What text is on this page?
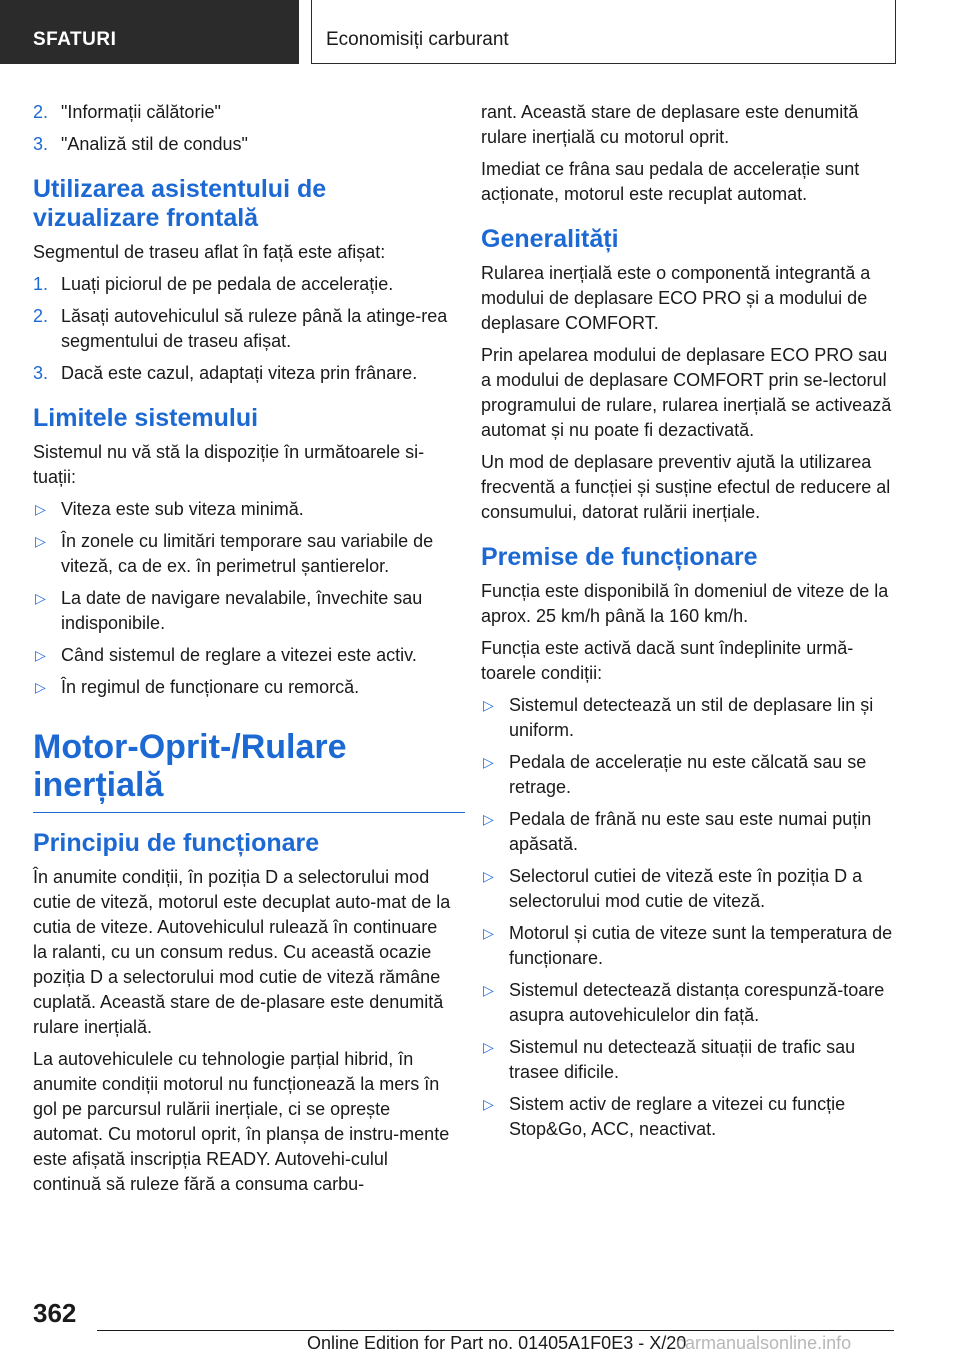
SFATURI	Economisiți carburant
2. "Informații călătorie"
3. "Analiză stil de condus"
Utilizarea asistentului de vizualizare frontală

Segmentul de traseu aflat în față este afișat:

1. Luați piciorul de pe pedala de accelerație.
2. Lăsați autovehiculul să ruleze până la atinge‐rea segmentului de traseu afișat.
3. Dacă este cazul, adaptați viteza prin frânare.
Limitele sistemului

Sistemul nu vă stă la dispoziție în următoarele si‐tuații:

▷ Viteza este sub viteza minimă.
▷ În zonele cu limitări temporare sau variabile de viteză, ca de ex. în perimetrul șantierelor.
▷ La date de navigare nevalabile, învechite sau indisponibile.
▷ Când sistemul de reglare a vitezei este activ.
▷ În regimul de funcționare cu remorcă.
Motor-Oprit-/Rulare inerțială
Principiu de funcționare

În anumite condiții, în poziția D a selectorului mod cutie de viteză, motorul este decuplat auto‐mat de la cutia de viteze. Autovehiculul rulează în continuare la ralanti, cu un consum redus. Cu această ocazie poziția D a selectorului mod cutie de viteză rămâne cuplată. Această stare de de‐plasare este denumită rulare inerțială.

La autovehiculele cu tehnologie parțial hibrid, în anumite condiții motorul nu funcționează la mers în gol pe parcursul rulării inerțiale, ci se oprește automat. Cu motorul oprit, în planșa de instru‐mente este afișată inscripția READY. Autovehi‐culul continuă să ruleze fără a consuma carbu‐

rant. Această stare de deplasare este denumită rulare inerțială cu motorul oprit.

Imediat ce frâna sau pedala de accelerație sunt acționate, motorul este recuplat automat.

Generalități

Rularea inerțială este o componentă integrantă a modului de deplasare ECO PRO și a modului de deplasare COMFORT.

Prin apelarea modului de deplasare ECO PRO sau a modului de deplasare COMFORT prin se‐lectorul programului de rulare, rularea inerțială se activează automat și nu poate fi dezactivată.

Un mod de deplasare preventiv ajută la utilizarea frecventă a funcției și susține efectul de reducere al consumului, datorat rulării inerțiale.

Premise de funcționare

Funcția este disponibilă în domeniul de viteze de la aprox. 25 km/h până la 160 km/h.

Funcția este activă dacă sunt îndeplinite urmă‐toarele condiții:

▷ Sistemul detectează un stil de deplasare lin și uniform.
▷ Pedala de accelerație nu este călcată sau se retrage.
▷ Pedala de frână nu este sau este numai puțin apăsată.
▷ Selectorul cutiei de viteză este în poziția D a selectorului mod cutie de viteză.
▷ Motorul și cutia de viteze sunt la temperatura de funcționare.
▷ Sistemul detectează distanța corespunză‐toare asupra autovehiculelor din față.
▷ Sistemul nu detectează situații de trafic sau trasee dificile.
▷ Sistem activ de reglare a vitezei cu funcție Stop&Go, ACC, neactivat.
362
Online Edition for Part no. 01405A1F0E3 - X/20
carmanualsonline.info
